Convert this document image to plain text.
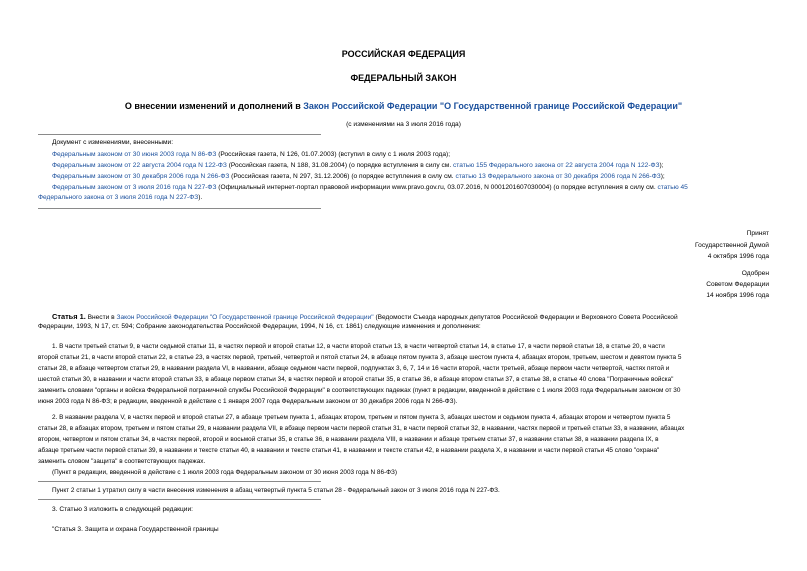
РОССИЙСКАЯ ФЕДЕРАЦИЯ
ФЕДЕРАЛЬНЫЙ ЗАКОН
О внесении изменений и дополнений в Закон Российской Федерации "О Государственной границе Российской Федерации"
(с изменениями на 3 июля 2016 года)
Документ с изменениями, внесенными:
Федеральным законом от 30 июня 2003 года N 86-ФЗ (Российская газета, N 126, 01.07.2003) (вступил в силу с 1 июля 2003 года);
Федеральным законом от 22 августа 2004 года N 122-ФЗ (Российская газета, N 188, 31.08.2004) (о порядке вступления в силу см. статью 155 Федерального закона от 22 августа 2004 года N 122-ФЗ);
Федеральным законом от 30 декабря 2006 года N 266-ФЗ (Российская газета, N 297, 31.12.2006) (о порядке вступления в силу см. статью 13 Федерального закона от 30 декабря 2006 года N 266-ФЗ);
Федеральным законом от 3 июля 2016 года N 227-ФЗ (Официальный интернет-портал правовой информации www.pravo.gov.ru, 03.07.2016, N 0001201607030004) (о порядке вступления в силу см. статью 45
Федерального закона от 3 июля 2016 года N 227-ФЗ).
Принят
Государственной Думой
4 октября 1996 года
Одобрен
Советом Федерации
14 ноября 1996 года
Статья 1. Внести в Закон Российской Федерации "О Государственной границе Российской Федерации" (Ведомости Съезда народных депутатов Российской Федерации и Верховного Совета Российской
Федерации, 1993, N 17, ст. 594; Собрание законодательства Российской Федерации, 1994, N 16, ст. 1861) следующие изменения и дополнения:
1. В части третьей статьи 9, в части седьмой статьи 11, в частях первой и второй статьи 12, в части второй статьи 13, в части четвертой статьи 14, в статье 17, в части первой статьи 18, в статье 20, в части
второй статьи 21, в части второй статьи 22, в статье 23, в частях первой, третьей, четвертой и пятой статьи 24, в абзаце пятом пункта 3, абзаце шестом пункта 4, абзацах втором, третьем, шестом и девятом пункта 5
статьи 28, в абзаце четвертом статьи 29, в названии раздела VI, в названии, абзаце седьмом части первой, подпунктах 3, 6, 7, 14 и 16 части второй, части третьей, абзаце первом части четвертой, частях пятой и
шестой статьи 30, в названии и части второй статьи 33, в абзаце первом статьи 34, в частях первой и второй статьи 35, в статье 36, в абзаце втором статьи 37, в статье 38, в статье 40 слова "Пограничные войска"
заменить словами "органы и войска Федеральной пограничной службы Российской Федерации" в соответствующих падежах (пункт в редакции, введенной в действие с 1 июля 2003 года Федеральным законом от 30
июня 2003 года N 86-ФЗ; в редакции, введенной в действие с 1 января 2007 года Федеральным законом от 30 декабря 2006 года N 266-ФЗ).
2. В названии раздела V, в частях первой и второй статьи 27, в абзаце третьем пункта 1, абзацах втором, третьем и пятом пункта 3, абзацах шестом и седьмом пункта 4, абзацах втором и четвертом пункта 5
статьи 28, в абзацах втором, третьем и пятом статьи 29, в названии раздела VII, в абзаце первом части первой статьи 31, в части первой статьи 32, в названии, частях первой и третьей статьи 33, в названии, абзацах
втором, четвертом и пятом статьи 34, в частях первой, второй и восьмой статьи 35, в статье 36, в названии раздела VIII, в названии и абзаце третьем статьи 37, в названии статьи 38, в названии раздела IX, в
абзаце третьем части первой статьи 39, в названии и тексте статьи 40, в названии и тексте статьи 41, в названии и тексте статьи 42, в названии раздела X, в названии и части первой статьи 45 слово "охрана"
заменить словом "защита" в соответствующих падежах.
(Пункт в редакции, введенной в действие с 1 июля 2003 года Федеральным законом от 30 июня 2003 года N 86-ФЗ)
Пункт 2 статьи 1 утратил силу в части внесения изменения в абзац четвертый пункта 5 статьи 28 - Федеральный закон от 3 июля 2016 года N 227-ФЗ.
3. Статью 3 изложить в следующей редакции:
"Статья 3. Защита и охрана Государственной границы
